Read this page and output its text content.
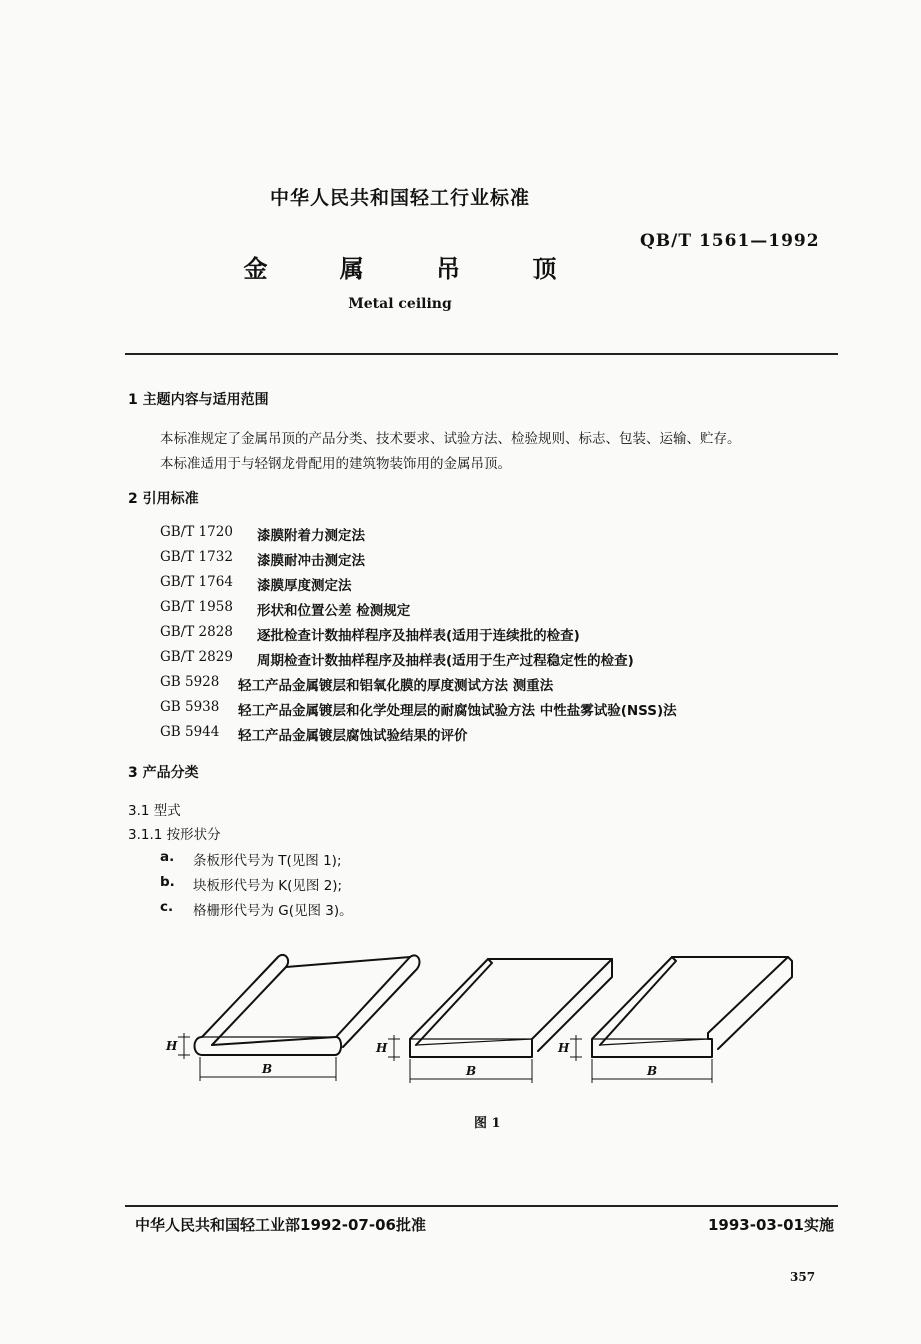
中华人民共和国轻工行业标准
QB/T 1561—1992
金 属 吊 顶
Metal ceiling
1 主题内容与适用范围
本标准规定了金属吊顶的产品分类、技术要求、试验方法、检验规则、标志、包装、运输、贮存。
本标准适用于与轻钢龙骨配用的建筑物装饰用的金属吊顶。
2 引用标准
GB/T 1720 漆膜附着力测定法
GB/T 1732 漆膜耐冲击测定法
GB/T 1764 漆膜厚度测定法
GB/T 1958 形状和位置公差 检测规定
GB/T 2828 逐批检查计数抽样程序及抽样表(适用于连续批的检查)
GB/T 2829 周期检查计数抽样程序及抽样表(适用于生产过程稳定性的检查)
GB 5928 轻工产品金属镀层和铝氧化膜的厚度测试方法 测重法
GB 5938 轻工产品金属镀层和化学处理层的耐腐蚀试验方法 中性盐雾试验(NSS)法
GB 5944 轻工产品金属镀层腐蚀试验结果的评价
3 产品分类
3.1 型式
3.1.1 按形状分
a. 条板形代号为 T(见图 1);
b. 块板形代号为 K(见图 2);
c. 格栅形代号为 G(见图 3)。
H	H	H
B	B	B
图 1
中华人民共和国轻工业部1992-07-06批准	1993-03-01实施
357
